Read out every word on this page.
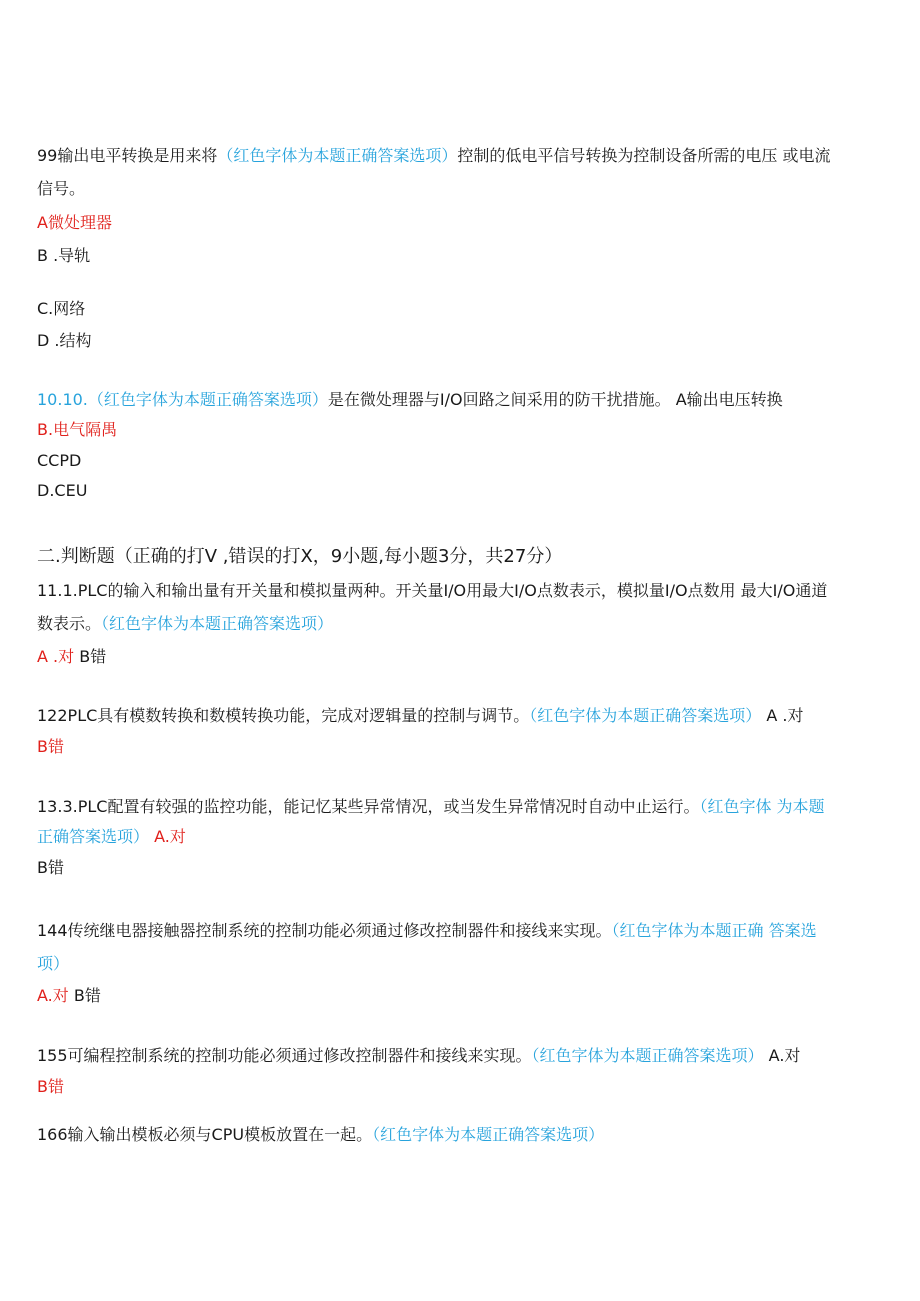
99输出电平转换是用来将（红色字体为本题正确答案选项）控制的低电平信号转换为控制设备所需的电压 或电流
信号。
A微处理器
B .导轨
C.网络
D .结构
10.10.（红色字体为本题正确答案选项）是在微处理器与I/O回路之间采用的防干扰措施。 A输出电压转换
B.电气隔禺
CCPD
D.CEU
二.判断题（正确的打V ,错误的打X，9小题,每小题3分，共27分）
11.1.PLC的输入和输出量有开关量和模拟量两种。开关量I/O用最大I/O点数表示，模拟量I/O点数用 最大I/O通道
数表示。（红色字体为本题正确答案选项）
A .对 B错
122PLC具有模数转换和数模转换功能，完成对逻辑量的控制与调节。（红色字体为本题正确答案选项） A .对
B错
13.3.PLC配置有较强的监控功能，能记忆某些异常情况，或当发生异常情况时自动中止运行。（红色字体 为本题
正确答案选项） A.对
B错
144传统继电器接触器控制系统的控制功能必须通过修改控制器件和接线来实现。（红色字体为本题正确 答案选
项）
A.对 B错
155可编程控制系统的控制功能必须通过修改控制器件和接线来实现。（红色字体为本题正确答案选项） A.对
B错
166输入输出模板必须与CPU模板放置在一起。（红色字体为本题正确答案选项）
